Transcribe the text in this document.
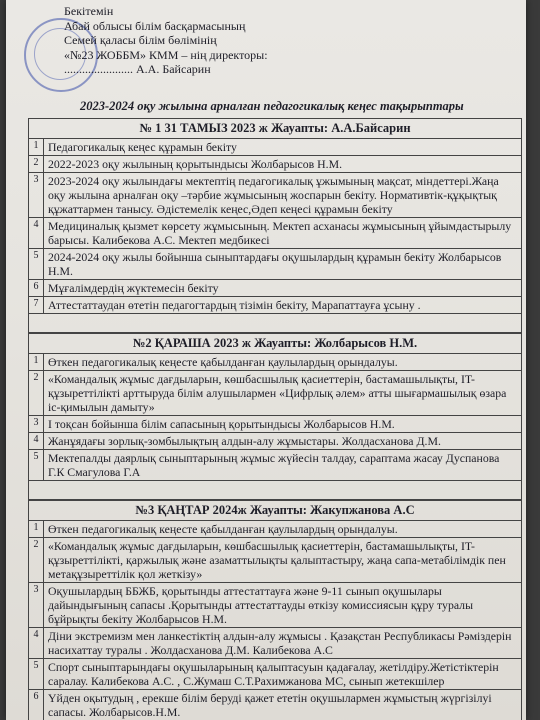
Бекітемін
Абай облысы білім басқармасының
Семей қаласы білім бөлімінің
«№23 ЖОББМ» КММ – нің директоры:
....................... А.А. Байсарин
2023-2024 оқу жылына арналған педагогикалық кеңес тақырыптары
№ 1 31 ТАМЫЗ 2023 ж Жауапты: А.А.Байсарин
1 Педагогикалық кеңес құрамын бекіту
2 2022-2023 оқу жылының қорытындысы Жолбарысов Н.М.
3 2023-2024 оқу жылындағы мектептің педагогикалық ұжымының мақсат, міндеттері.Жаңа оқу жылына арналған оқу –тәрбие жұмысының жоспарын бекіту. Нормативтік-құқықтық құжаттармен танысу. Әдістемелік кеңес,Әдеп кеңесі құрамын бекіту
4 Медициналық қызмет көрсету жұмысының. Мектеп асханасы жұмысының ұйымдастырылу барысы. Калибекова А.С. Мектеп медбикесі
5 2024-2024 оқу жылы бойынша сыныптардағы оқушылардың құрамын бекіту Жолбарысов Н.М.
6 Мұғалімдердің жүктемесін бекіту
7 Аттестаттаудан өтетін педагогтардың тізімін бекіту, Марапаттауға ұсыну .
№2 ҚАРАША 2023 ж Жауапты: Жолбарысов Н.М.
1 Өткен педагогикалық кеңесте қабылданған қаулылардың орындалуы.
2 «Командалық жұмыс дағдыларын, көшбасшылық қасиеттерін, бастамашылықты, IT-құзыреттілікті арттыруда білім алушылармен «Цифрлық әлем» атты шығармашылық өзара іс-қимылын дамыту»
3 I тоқсан бойынша білім сапасының қорытындысы Жолбарысов Н.М.
4 Жанұядағы зорлық-зомбылықтың алдын-алу жұмыстары. Жолдасханова Д.М.
5 Мектепалды даярлық сыныптарының жұмыс жүйесін талдау, сараптама жасау Дуспанова Г.К Смагулова Г.А
№3 ҚАҢТАР 2024ж Жауапты: Жакупжанова А.С
1 Өткен педагогикалық кеңесте қабылданған қаулылардың орындалуы.
2 «Командалық жұмыс дағдыларын, көшбасшылық қасиеттерін, бастамашылықты, IT-құзыреттілікті, қаржылық және азаматтылықты қалыптастыру, жаңа сапа-метабілімдік пен метақұзыреттілік қол жеткізу»
3 Оқушылардың ББЖБ, қорытынды аттестаттауға және 9-11 сынып оқушылары дайындығының сапасы .Қорытынды аттестаттауды өткізу комиссиясын құру туралы бұйрықты бекіту Жолбарысов Н.М.
4 Діни экстремизм мен ланкестіктің алдын-алу жұмысы . Қазақстан Республикасы Рәміздерін насихаттау туралы . Жолдасханова Д.М. Калибекова А.С
5 Спорт сыныптарындағы оқушыларының қалыптасуын қадағалау, жетілдіру.Жетістіктерін саралау. Калибекова А.С. , С.Жумаш С.Т.Рахимжанова МС, сынып жетекшілер
6 Үйден оқытудың , ерекше білім беруді қажет ететін оқушылармен жұмыстың жүргізілуі сапасы. Жолбарысов.Н.М.
